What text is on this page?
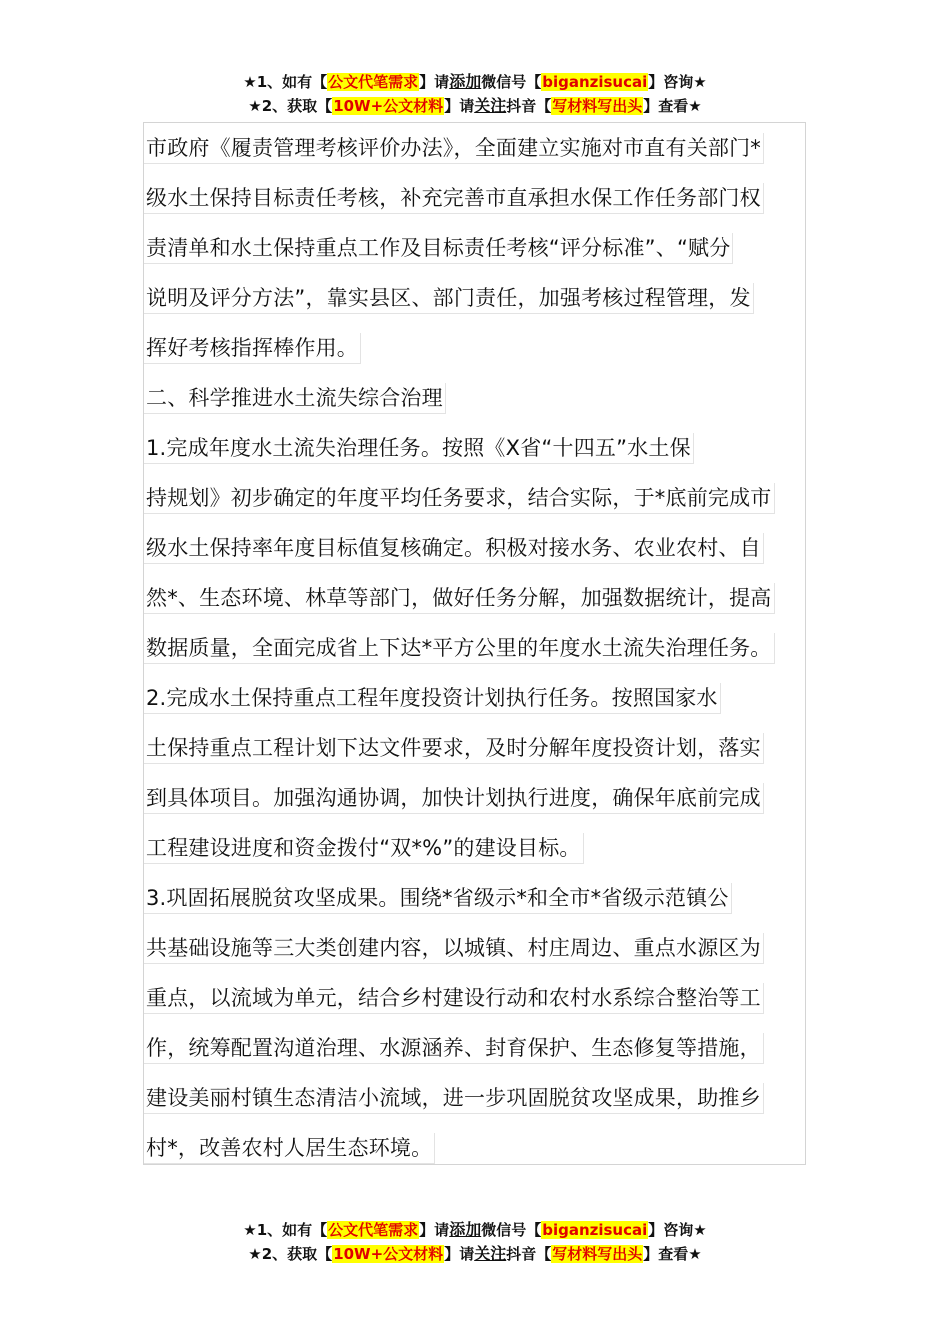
★1、如有【公文代笔需求】请添加微信号【biganzisucai】咨询★
★2、获取【10W+公文材料】请关注抖音【写材料写出头】查看★
市政府《履责管理考核评价办法》，全面建立实施对市直有关部门*
级水土保持目标责任考核，补充完善市直承担水保工作任务部门权
责清单和水土保持重点工作及目标责任考核“评分标准”、“赋分
说明及评分方法”，靠实县区、部门责任，加强考核过程管理，发
挥好考核指挥棒作用。
二、科学推进水土流失综合治理
1.完成年度水土流失治理任务。按照《X省“十四五”水土保
持规划》初步确定的年度平均任务要求，结合实际，于*底前完成市
级水土保持率年度目标值复核确定。积极对接水务、农业农村、自
然*、生态环境、林草等部门，做好任务分解，加强数据统计，提高
数据质量，全面完成省上下达*平方公里的年度水土流失治理任务。
2.完成水土保持重点工程年度投资计划执行任务。按照国家水
土保持重点工程计划下达文件要求，及时分解年度投资计划，落实
到具体项目。加强沟通协调，加快计划执行进度，确保年底前完成
工程建设进度和资金拨付“双*%”的建设目标。
3.巩固拓展脱贫攻坚成果。围绕*省级示*和全市*省级示范镇公
共基础设施等三大类创建内容，以城镇、村庄周边、重点水源区为
重点，以流域为单元，结合乡村建设行动和农村水系综合整治等工
作，统筹配置沟道治理、水源涵养、封育保护、生态修复等措施，
建设美丽村镇生态清洁小流域，进一步巩固脱贫攻坚成果，助推乡
村*，改善农村人居生态环境。
★1、如有【公文代笔需求】请添加微信号【biganzisucai】咨询★
★2、获取【10W+公文材料】请关注抖音【写材料写出头】查看★
